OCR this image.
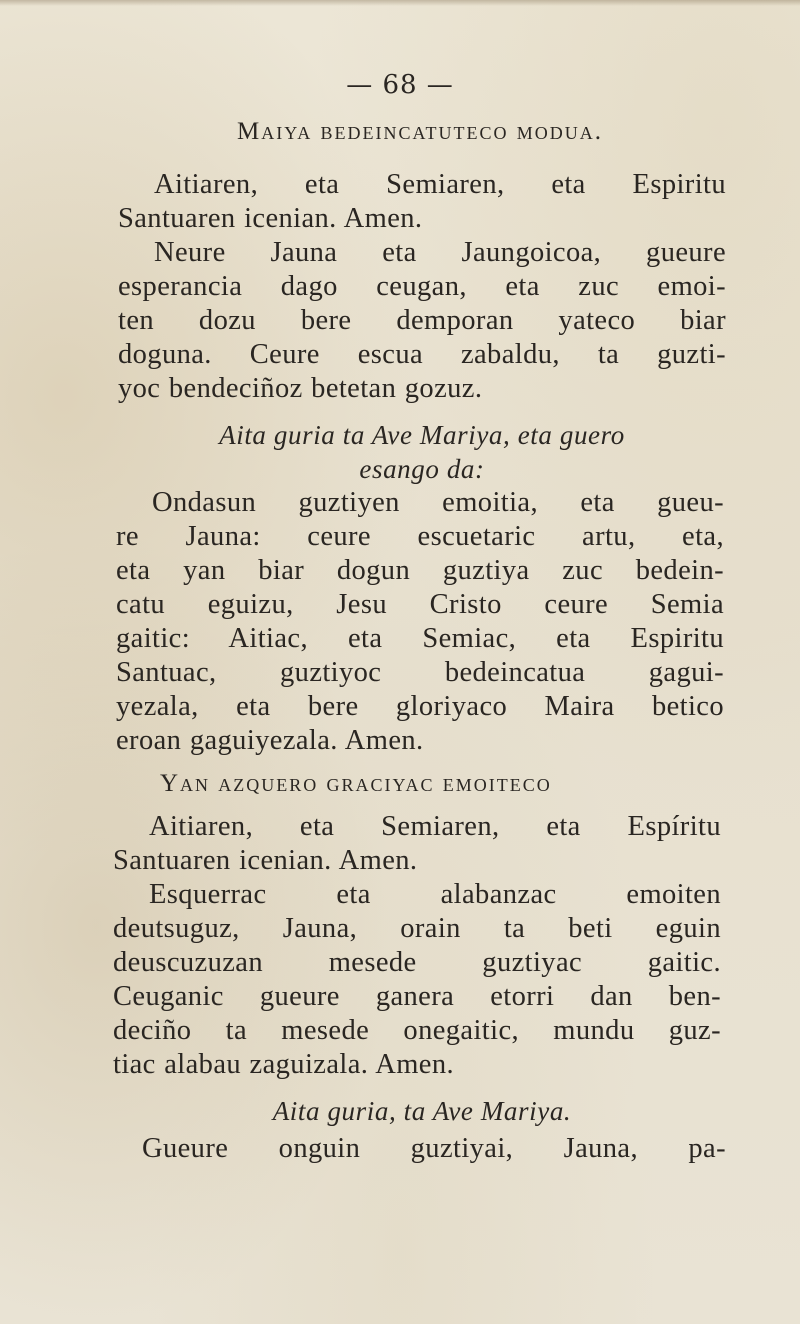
— 68 —
Maiya bedeincatuteco modua.
Aitiaren, eta Semiaren, eta Espiritu
Santuaren icenian. Amen.
Neure Jauna eta Jaungoicoa, gueure
esperancia dago ceugan, eta zuc emoi-
ten dozu bere demporan yateco biar
doguna. Ceure escua zabaldu, ta guzti-
yoc bendeciñoz betetan gozuz.
Aita guria ta Ave Mariya, eta guero
esango da:
Ondasun guztiyen emoitia, eta gueu-
re Jauna: ceure escuetaric artu, eta,
eta yan biar dogun guztiya zuc bedein-
catu eguizu, Jesu Cristo ceure Semia
gaitic: Aitiac, eta Semiac, eta Espiritu
Santuac, guztiyoc bedeincatua gagui-
yezala, eta bere gloriyaco Maira betico
eroan gaguiyezala. Amen.
Yan azquero graciyac emoiteco
Aitiaren, eta Semiaren, eta Espíritu
Santuaren icenian. Amen.
Esquerrac eta alabanzac emoiten
deutsuguz, Jauna, orain ta beti eguin
deuscuzuzan mesede guztiyac gaitic.
Ceuganic gueure ganera etorri dan ben-
deciño ta mesede onegaitic, mundu guz-
tiac alabau zaguizala. Amen.
Aita guria, ta Ave Mariya.
Gueure onguin guztiyai, Jauna, pa-
